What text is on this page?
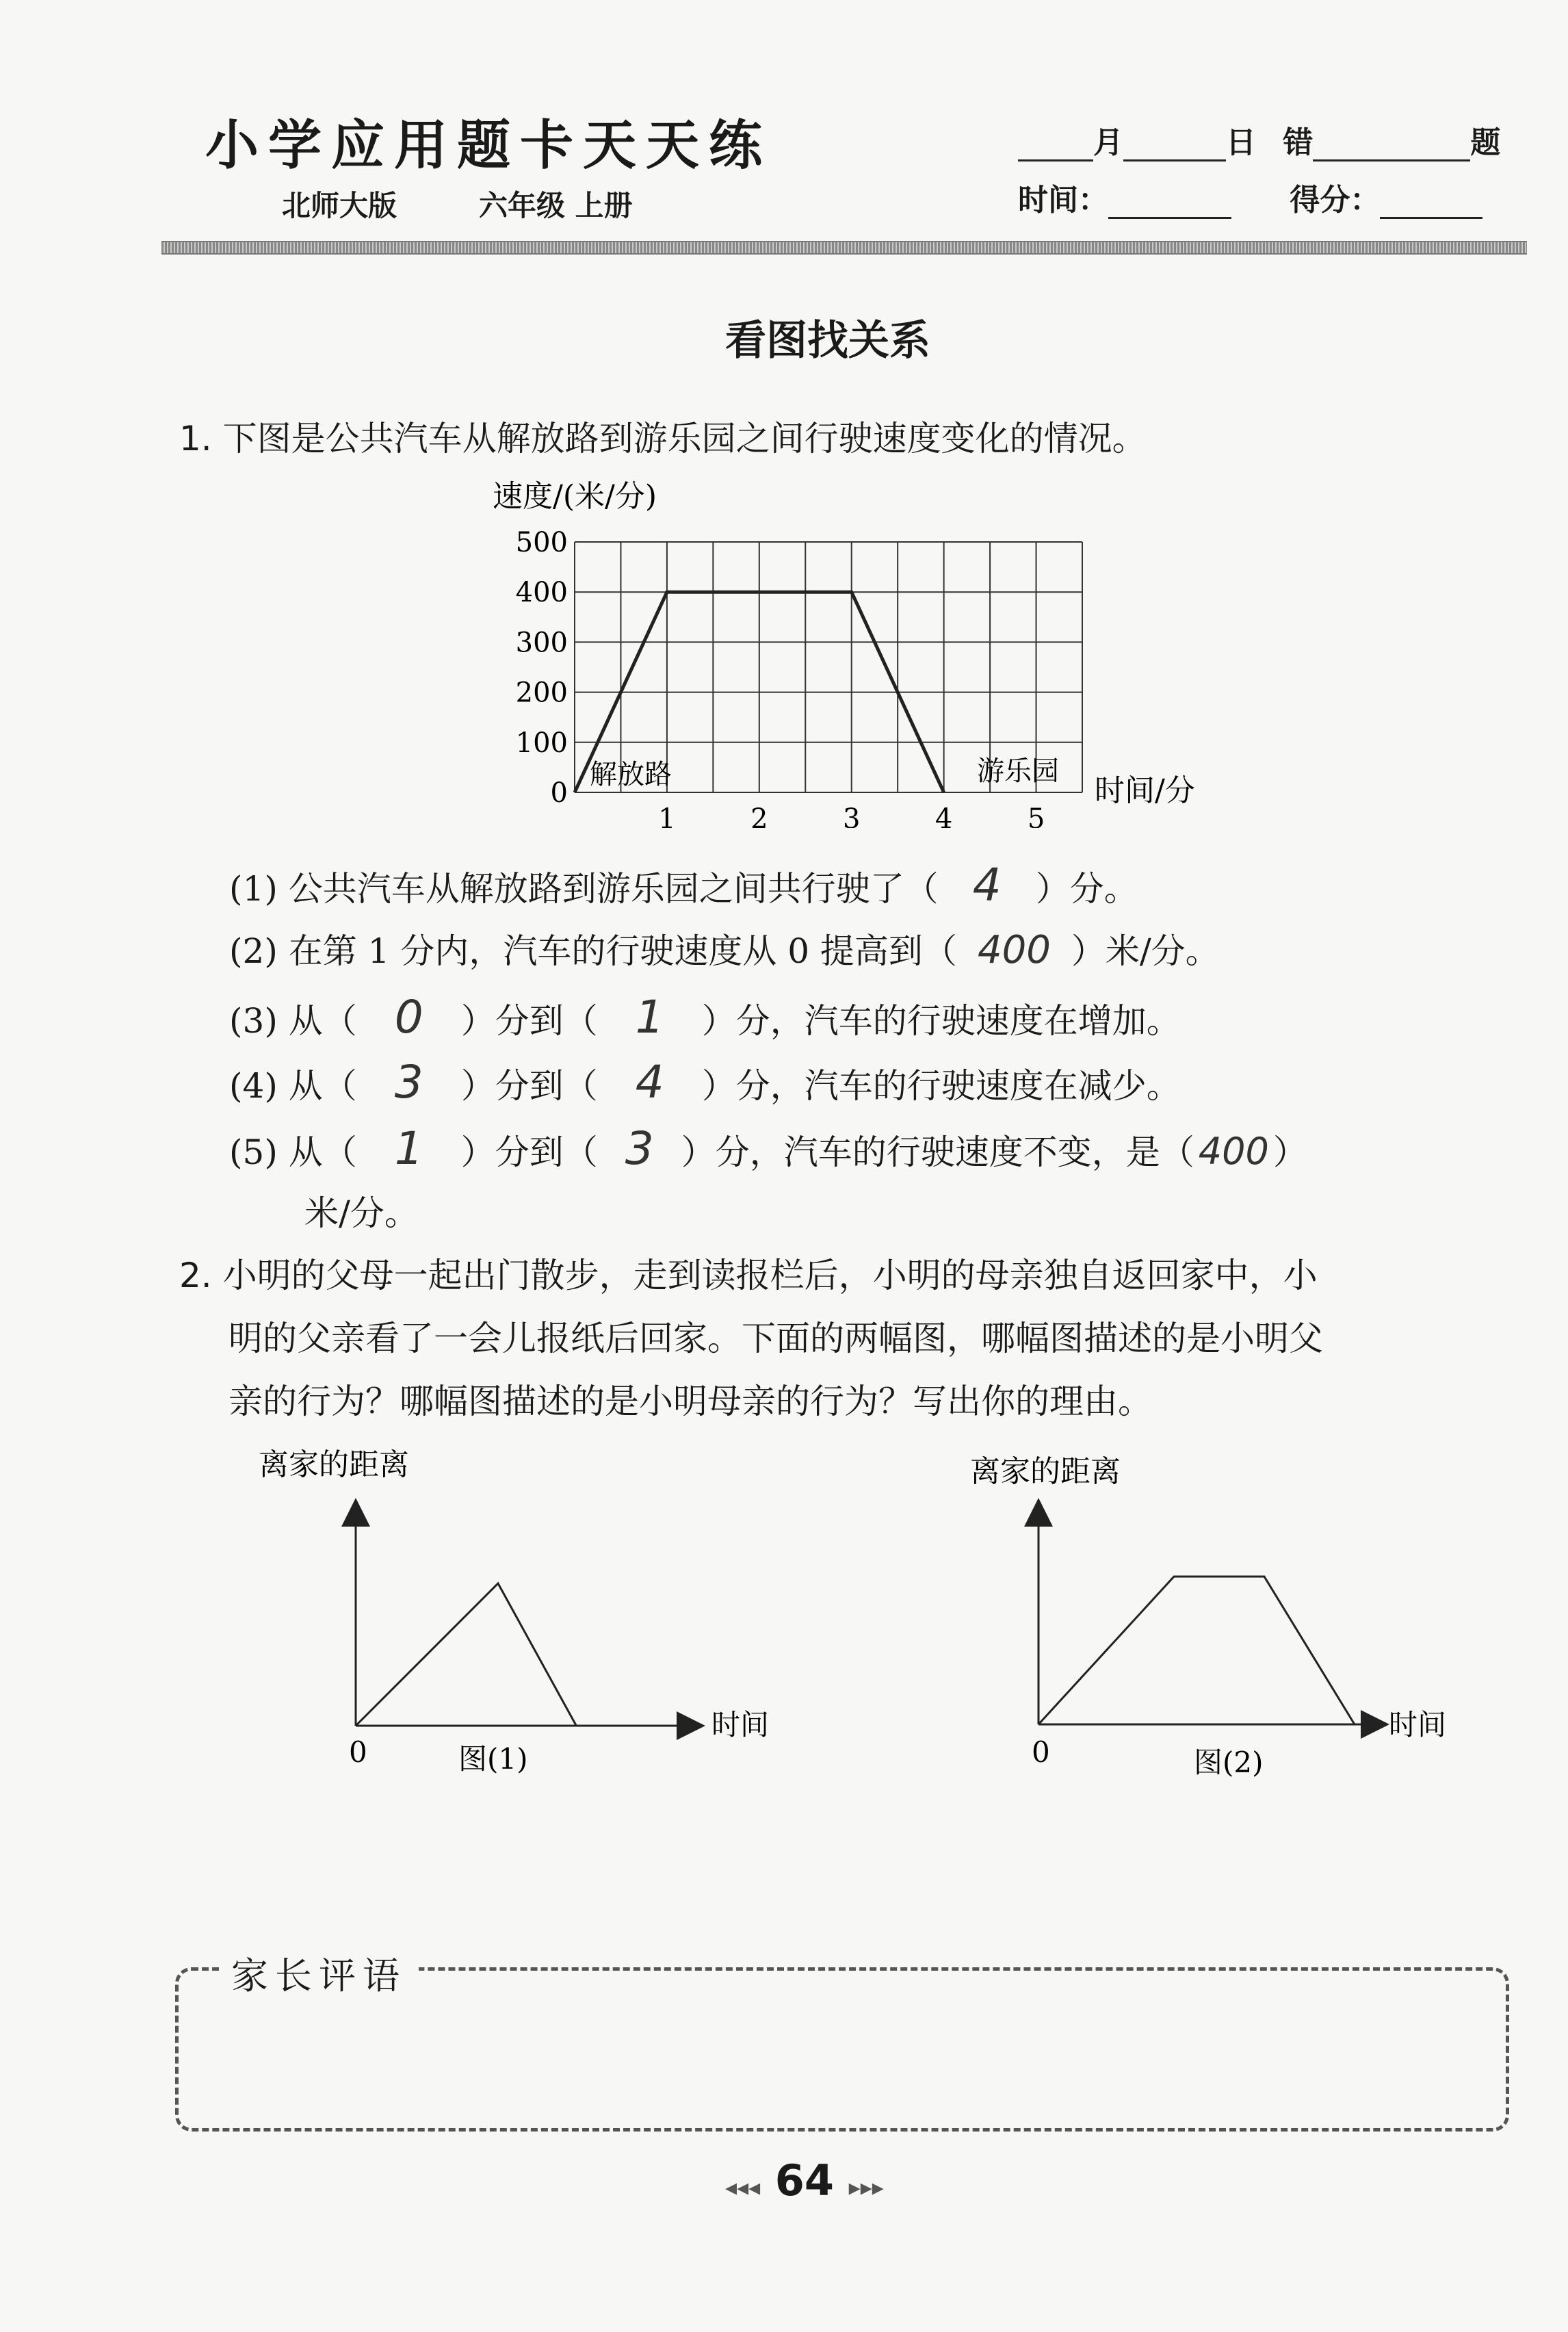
小学应用题卡天天练
北师大版	六年级 上册
月	日 错	题
时间：	得分：
看图找关系
1. 下图是公共汽车从解放路到游乐园之间行驶速度变化的情况。
速度/(米/分)
0
100
200
300
400
500
1	2	3	4	5
解放路	游乐园
时间/分
(1) 公共汽车从解放路到游乐园之间共行驶了（ 4 ）分。
(2) 在第 1 分内，汽车的行驶速度从 0 提高到（ 400 ）米/分。
(3) 从（ 0 ）分到（ 1 ）分，汽车的行驶速度在增加。
(4) 从（ 3 ）分到（ 4 ）分，汽车的行驶速度在减少。
(5) 从（ 1 ）分到（ 3 ）分，汽车的行驶速度不变，是（ 400 ）
米/分。
2. 小明的父母一起出门散步，走到读报栏后，小明的母亲独自返回家中，小
明的父亲看了一会儿报纸后回家。下面的两幅图，哪幅图描述的是小明父
亲的行为？哪幅图描述的是小明母亲的行为？写出你的理由。
离家的距离
0	图(1)
时间
离家的距离
0	图(2)
时间
家长评语
◂◂◂ 64 ▸▸▸
